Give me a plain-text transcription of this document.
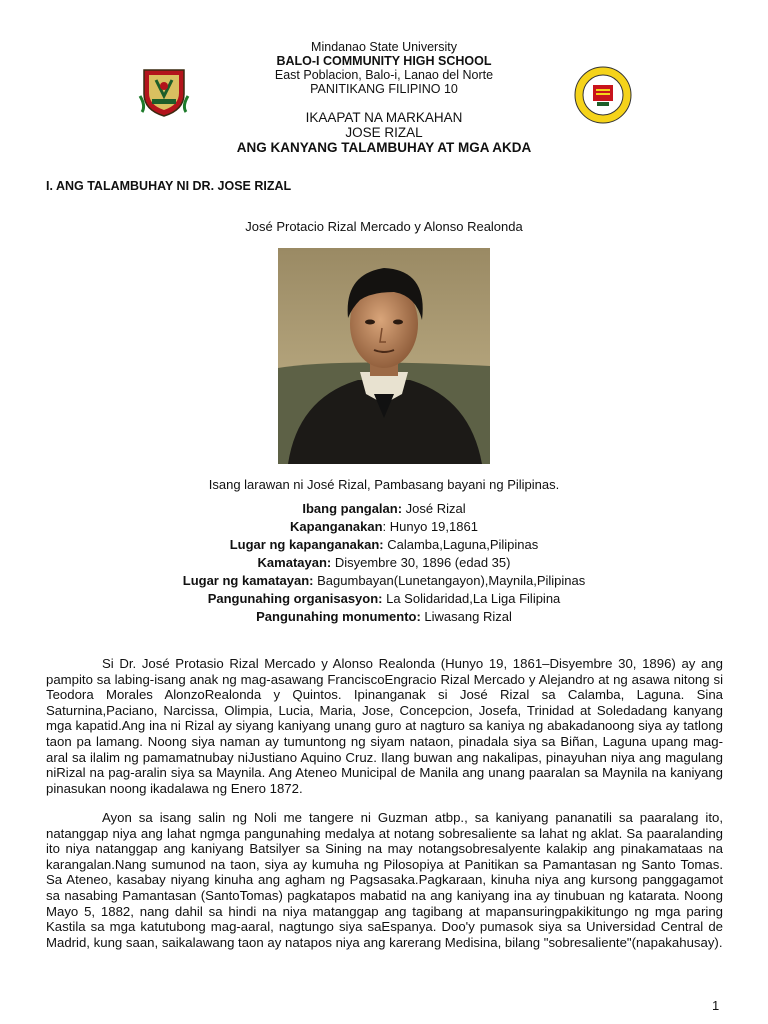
Mindanao State University
BALO-I COMMUNITY HIGH SCHOOL
East Poblacion, Balo-i, Lanao del Norte
PANITIKANG FILIPINO 10
IKAAPAT NA MARKAHAN
JOSE RIZAL
ANG KANYANG TALAMBUHAY AT MGA AKDA
I. ANG TALAMBUHAY NI DR. JOSE RIZAL
José Protacio Rizal Mercado y Alonso Realonda
Isang larawan ni José Rizal, Pambasang bayani ng Pilipinas.
Ibang pangalan: José Rizal
Kapanganakan: Hunyo 19,1861
Lugar ng kapanganakan: Calamba,Laguna,Pilipinas
Kamatayan: Disyembre 30, 1896 (edad 35)
Lugar ng kamatayan: Bagumbayan(Lunetangayon),Maynila,Pilipinas
Pangunahing organisasyon: La Solidaridad,La Liga Filipina
Pangunahing monumento: Liwasang Rizal

Si Dr. José Protasio Rizal Mercado y Alonso Realonda (Hunyo 19, 1861–Disyembre 30, 1896) ay ang pampito sa labing-isang anak ng mag-asawang FranciscoEngracio Rizal Mercado y Alejandro at ng asawa nitong si Teodora Morales AlonzoRealonda y Quintos. Ipinanganak si José Rizal sa Calamba, Laguna. Sina Saturnina,Paciano, Narcissa, Olimpia, Lucia, Maria, Jose, Concepcion, Josefa, Trinidad at Soledadang kanyang mga kapatid.Ang ina ni Rizal ay siyang kaniyang unang guro at nagturo sa kaniya ng abakadanoong siya ay tatlong taon pa lamang. Noong siya naman ay tumuntong ng siyam nataon, pinadala siya sa Biñan, Laguna upang mag-aral sa ilalim ng pamamatnubay niJustiano Aquino Cruz. Ilang buwan ang nakalipas, pinayuhan niya ang magulang niRizal na pag-aralin siya sa Maynila. Ang Ateneo Municipal de Manila ang unang paaralan sa Maynila na kaniyang pinasukan noong ikadalawa ng Enero 1872.

Ayon sa isang salin ng Noli me tangere ni Guzman atbp., sa kaniyang pananatili sa paaralang ito, natanggap niya ang lahat ngmga pangunahing medalya at notang sobresaliente sa lahat ng aklat. Sa paaralanding ito niya natanggap ang kaniyang Batsilyer sa Sining na may notangsobresalyente kalakip ang pinakamataas na karangalan.Nang sumunod na taon, siya ay kumuha ng Pilosopiya at Panitikan sa Pamantasan ng Santo Tomas. Sa Ateneo, kasabay niyang kinuha ang agham ng Pagsasaka.Pagkaraan, kinuha niya ang kursong panggagamot sa nasabing Pamantasan (SantoTomas) pagkatapos mabatid na ang kaniyang ina ay tinubuan ng katarata. Noong Mayo 5, 1882, nang dahil sa hindi na niya matanggap ang tagibang at mapansuringpakikitungo ng mga paring Kastila sa mga katutubong mag-aaral, nagtungo siya saEspanya. Doo'y pumasok siya sa Universidad Central de Madrid, kung saan, saikalawang taon ay natapos niya ang karerang Medisina, bilang "sobresaliente"(napakahusay).

1
